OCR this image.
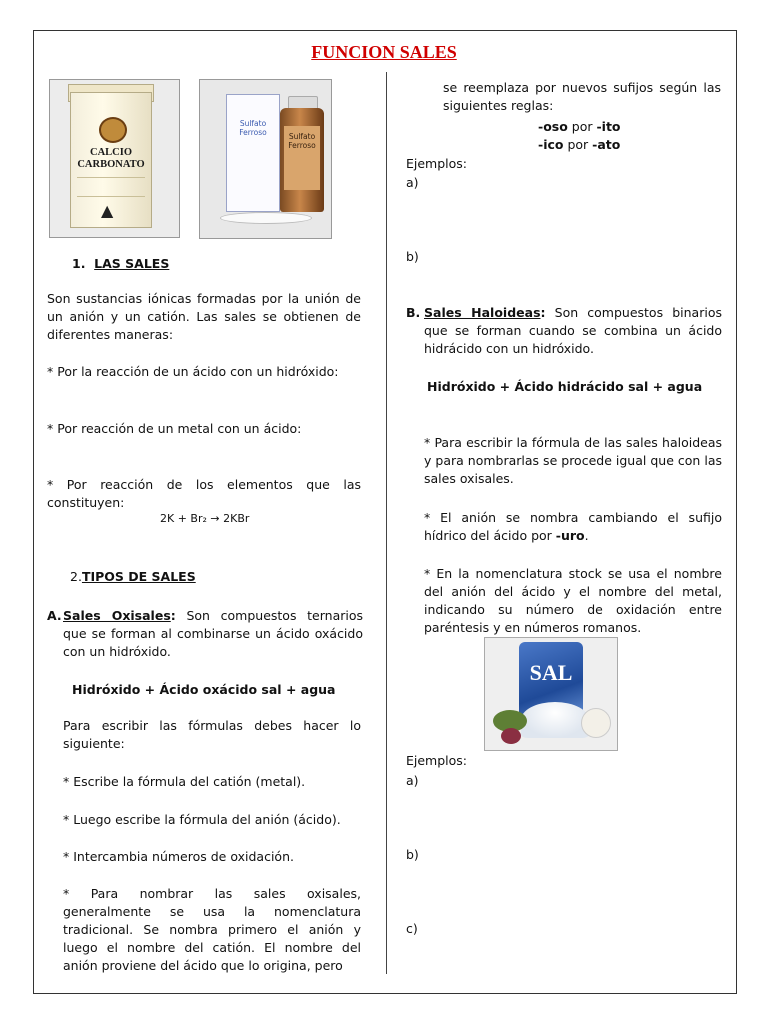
FUNCION SALES
CALCIO
CARBONATO
▲
Sulfato Ferroso	Sulfato Ferroso
1. LAS SALES
Son sustancias iónicas formadas por la unión de un anión y un catión. Las sales se obtienen de diferentes maneras:
* Por la reacción de un ácido con un hidróxido:
* Por reacción de un metal con un ácido:
* Por reacción de los elementos que las constituyen:
2K + Br₂ → 2KBr
2.TIPOS DE SALES
A. Sales Oxisales: Son compuestos ternarios que se forman al combinarse un ácido oxácido con un hidróxido.
Hidróxido + Ácido oxácido sal + agua
Para escribir las fórmulas debes hacer lo siguiente:
* Escribe la fórmula del catión (metal).
* Luego escribe la fórmula del anión (ácido).
* Intercambia números de oxidación.
* Para nombrar las sales oxisales, generalmente se usa la nomenclatura tradicional. Se nombra primero el anión y luego el nombre del catión. El nombre del anión proviene del ácido que lo origina, pero
se reemplaza por nuevos sufijos según las siguientes reglas:
-oso por -ito
-ico por -ato
Ejemplos:
a)
b)
B. Sales Haloideas: Son compuestos binarios que se forman cuando se combina un ácido hidrácido con un hidróxido.
Hidróxido + Ácido hidrácido sal + agua
* Para escribir la fórmula de las sales haloideas y para nombrarlas se procede igual que con las sales oxisales.
* El anión se nombra cambiando el sufijo hídrico del ácido por -uro.
* En la nomenclatura stock se usa el nombre del anión del ácido y el nombre del metal, indicando su número de oxidación entre paréntesis y en números romanos.
SAL
Ejemplos:
a)
b)
c)
